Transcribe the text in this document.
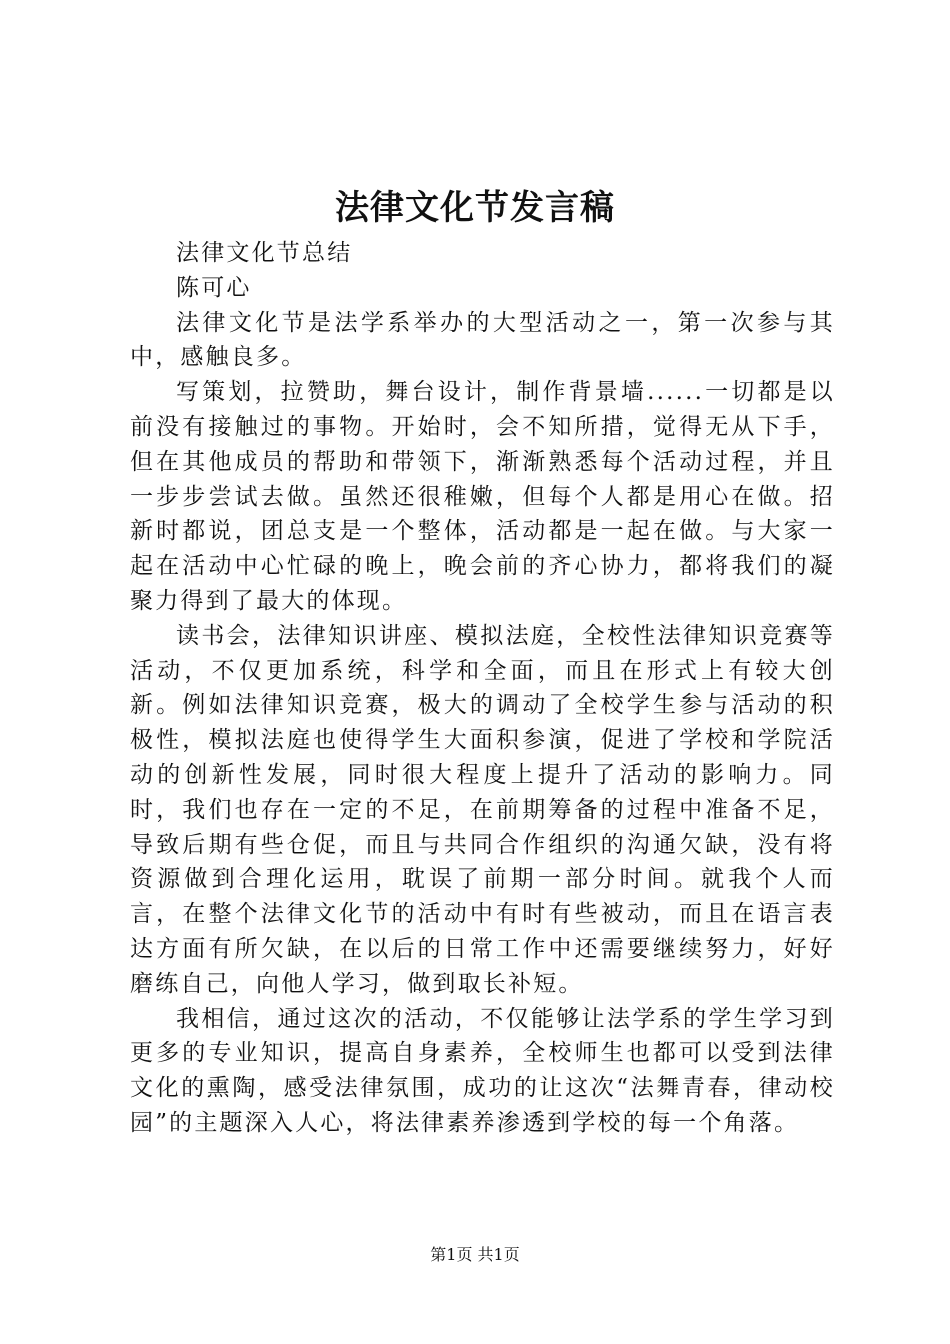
法律文化节发言稿

法律文化节总结

陈可心

法律文化节是法学系举办的大型活动之一，第一次参与其中，感触良多。

写策划，拉赞助，舞台设计，制作背景墙......一切都是以前没有接触过的事物。开始时，会不知所措，觉得无从下手，但在其他成员的帮助和带领下，渐渐熟悉每个活动过程，并且一步步尝试去做。虽然还很稚嫩，但每个人都是用心在做。招新时都说，团总支是一个整体，活动都是一起在做。与大家一起在活动中心忙碌的晚上，晚会前的齐心协力，都将我们的凝聚力得到了最大的体现。

读书会，法律知识讲座、模拟法庭，全校性法律知识竞赛等活动，不仅更加系统，科学和全面，而且在形式上有较大创新。例如法律知识竞赛，极大的调动了全校学生参与活动的积极性，模拟法庭也使得学生大面积参演，促进了学校和学院活动的创新性发展，同时很大程度上提升了活动的影响力。同时，我们也存在一定的不足，在前期筹备的过程中准备不足，导致后期有些仓促，而且与共同合作组织的沟通欠缺，没有将资源做到合理化运用，耽误了前期一部分时间。就我个人而言，在整个法律文化节的活动中有时有些被动，而且在语言表达方面有所欠缺，在以后的日常工作中还需要继续努力，好好磨练自己，向他人学习，做到取长补短。

我相信，通过这次的活动，不仅能够让法学系的学生学习到更多的专业知识，提高自身素养，全校师生也都可以受到法律文化的熏陶，感受法律氛围，成功的让这次“法舞青春，律动校园”的主题深入人心，将法律素养渗透到学校的每一个角落。

第1页 共1页
